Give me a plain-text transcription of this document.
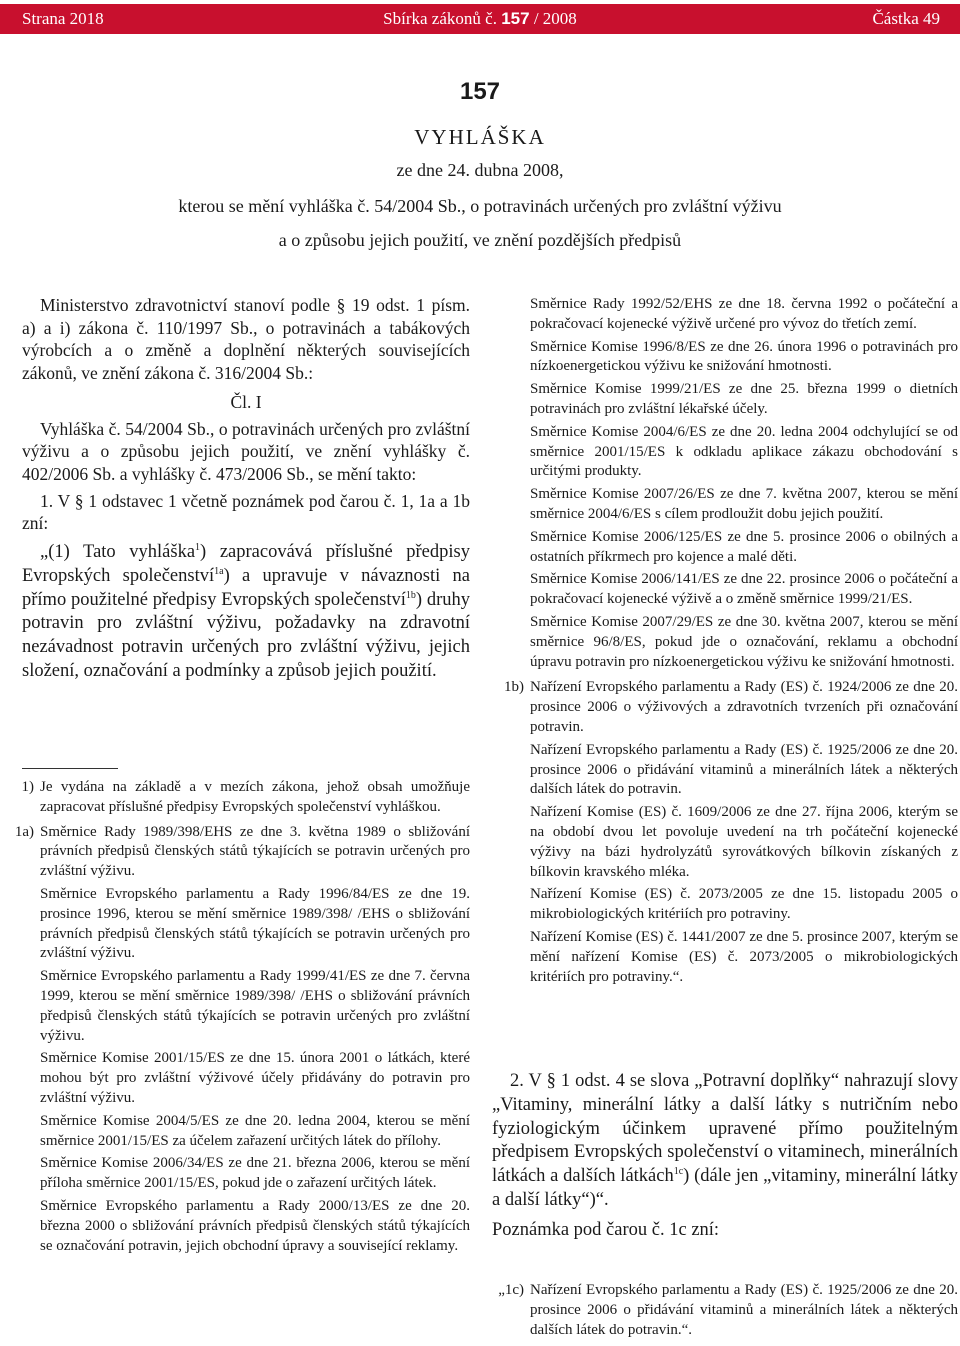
Strana 2018	Sbírka zákonů č. 157 / 2008	Částka 49
157
VYHLÁŠKA
ze dne 24. dubna 2008,
kterou se mění vyhláška č. 54/2004 Sb., o potravinách určených pro zvláštní výživu
a o způsobu jejich použití, ve znění pozdějších předpisů

Ministerstvo zdravotnictví stanoví podle § 19 odst. 1 písm. a) a i) zákona č. 110/1997 Sb., o potravinách a tabákových výrobcích a o změně a doplnění některých souvisejících zákonů, ve znění zákona č. 316/2004 Sb.:

Čl. I

Vyhláška č. 54/2004 Sb., o potravinách určených pro zvláštní výživu a o způsobu jejich použití, ve znění vyhlášky č. 402/2006 Sb. a vyhlášky č. 473/2006 Sb., se mění takto:

1. V § 1 odstavec 1 včetně poznámek pod čarou č. 1, 1a a 1b zní:

„(1) Tato vyhláška$^1$) zapracovává příslušné předpisy Evropských společenství$^{1a}$) a upravuje v návaznosti na přímo použitelné předpisy Evropských společenství$^{1b}$) druhy potravin pro zvláštní výživu, požadavky na zdravotní nezávadnost potravin určených pro zvláštní výživu, jejich složení, označování a podmínky a způsob jejich použití.

1) Je vydána na základě a v mezích zákona, jehož obsah umožňuje zapracovat příslušné předpisy Evropských společenství vyhláškou.
1a) Směrnice Rady 1989/398/EHS ze dne 3. května 1989 o sbližování právních předpisů členských států týkajících se potravin určených pro zvláštní výživu.

Směrnice Evropského parlamentu a Rady 1996/84/ES ze dne 19. prosince 1996, kterou se mění směrnice 1989/398/ /EHS o sbližování právních předpisů členských států týkajících se potravin určených pro zvláštní výživu.

Směrnice Evropského parlamentu a Rady 1999/41/ES ze dne 7. června 1999, kterou se mění směrnice 1989/398/ /EHS o sbližování právních předpisů členských států týkajících se potravin určených pro zvláštní výživu.

Směrnice Komise 2001/15/ES ze dne 15. února 2001 o látkách, které mohou být pro zvláštní výživové účely přidávány do potravin pro zvláštní výživu.

Směrnice Komise 2004/5/ES ze dne 20. ledna 2004, kterou se mění směrnice 2001/15/ES za účelem zařazení určitých látek do přílohy.

Směrnice Komise 2006/34/ES ze dne 21. března 2006, kterou se mění příloha směrnice 2001/15/ES, pokud jde o zařazení určitých látek.

Směrnice Evropského parlamentu a Rady 2000/13/ES ze dne 20. března 2000 o sbližování právních předpisů členských států týkajících se označování potravin, jejich obchodní úpravy a související reklamy.

Směrnice Rady 1992/52/EHS ze dne 18. června 1992 o počáteční a pokračovací kojenecké výživě určené pro vývoz do třetích zemí.

Směrnice Komise 1996/8/ES ze dne 26. února 1996 o potravinách pro nízkoenergetickou výživu ke snižování hmotnosti.

Směrnice Komise 1999/21/ES ze dne 25. března 1999 o dietních potravinách pro zvláštní lékařské účely.

Směrnice Komise 2004/6/ES ze dne 20. ledna 2004 odchylující se od směrnice 2001/15/ES k odkladu aplikace zákazu obchodování s určitými produkty.

Směrnice Komise 2007/26/ES ze dne 7. května 2007, kterou se mění směrnice 2004/6/ES s cílem prodloužit dobu jejich použití.

Směrnice Komise 2006/125/ES ze dne 5. prosince 2006 o obilných a ostatních příkrmech pro kojence a malé děti.

Směrnice Komise 2006/141/ES ze dne 22. prosince 2006 o počáteční a pokračovací kojenecké výživě a o změně směrnice 1999/21/ES.

Směrnice Komise 2007/29/ES ze dne 30. května 2007, kterou se mění směrnice 96/8/ES, pokud jde o označování, reklamu a obchodní úpravu potravin pro nízkoenergetickou výživu ke snižování hmotnosti.

1b) Nařízení Evropského parlamentu a Rady (ES) č. 1924/2006 ze dne 20. prosince 2006 o výživových a zdravotních tvrzeních při označování potravin.

Nařízení Evropského parlamentu a Rady (ES) č. 1925/2006 ze dne 20. prosince 2006 o přidávání vitaminů a minerálních látek a některých dalších látek do potravin.

Nařízení Komise (ES) č. 1609/2006 ze dne 27. října 2006, kterým se na období dvou let povoluje uvedení na trh počáteční kojenecké výživy na bázi hydrolyzátů syrovátkových bílkovin získaných z bílkovin kravského mléka.

Nařízení Komise (ES) č. 2073/2005 ze dne 15. listopadu 2005 o mikrobiologických kritériích pro potraviny.

Nařízení Komise (ES) č. 1441/2007 ze dne 5. prosince 2007, kterým se mění nařízení Komise (ES) č. 2073/2005 o mikrobiologických kritériích pro potraviny.“.

2. V § 1 odst. 4 se slova „Potravní doplňky“ nahrazují slovy „Vitaminy, minerální látky a další látky s nutričním nebo fyziologickým účinkem upravené přímo použitelným předpisem Evropských společenství o vitaminech, minerálních látkách a dalších látkách$^{1c}$) (dále jen „vitaminy, minerální látky a další látky“)“.

Poznámka pod čarou č. 1c zní:

„1c) Nařízení Evropského parlamentu a Rady (ES) č. 1925/2006 ze dne 20. prosince 2006 o přidávání vitaminů a minerálních látek a některých dalších látek do potravin.“.
